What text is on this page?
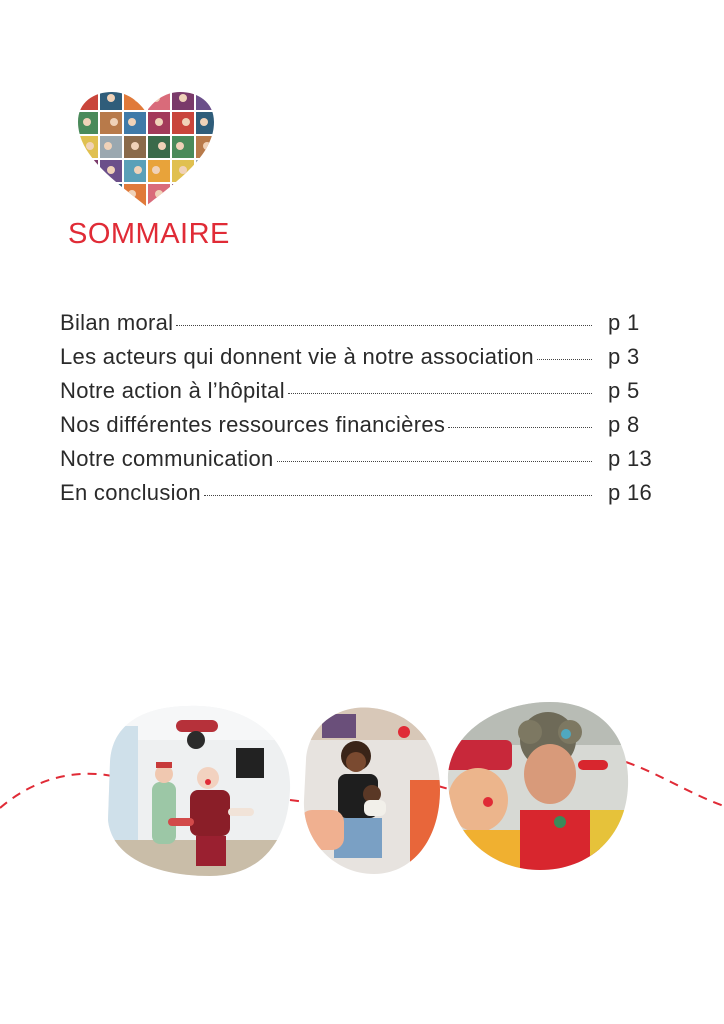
SOMMAIRE
Bilan moral	p 1
Les acteurs qui donnent vie à notre association	p 3
Notre action à l’hôpital	p 5
Nos différentes ressources financières	p 8
Notre communication	p 13
En conclusion	p 16
